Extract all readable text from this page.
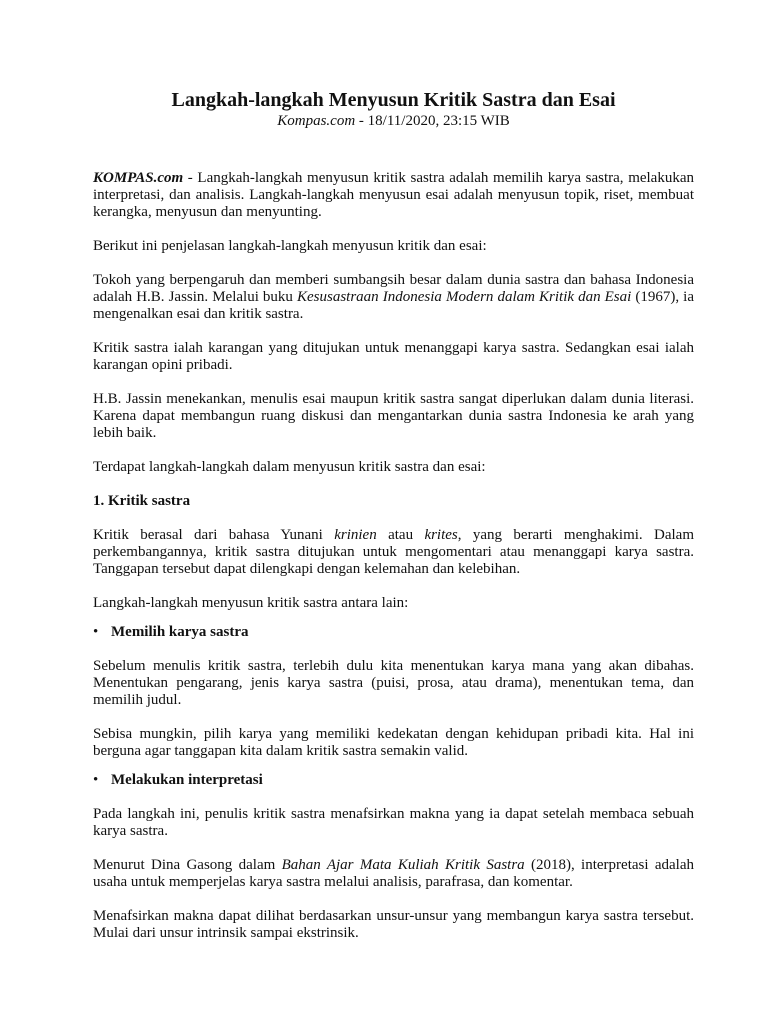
Langkah-langkah Menyusun Kritik Sastra dan Esai

Kompas.com - 18/11/2020, 23:15 WIB

KOMPAS.com - Langkah-langkah menyusun kritik sastra adalah memilih karya sastra, melakukan interpretasi, dan analisis. Langkah-langkah menyusun esai adalah menyusun topik, riset, membuat kerangka, menyusun dan menyunting.

Berikut ini penjelasan langkah-langkah menyusun kritik dan esai:

Tokoh yang berpengaruh dan memberi sumbangsih besar dalam dunia sastra dan bahasa Indonesia adalah H.B. Jassin. Melalui buku Kesusastraan Indonesia Modern dalam Kritik dan Esai (1967), ia mengenalkan esai dan kritik sastra.

Kritik sastra ialah karangan yang ditujukan untuk menanggapi karya sastra. Sedangkan esai ialah karangan opini pribadi.

H.B. Jassin menekankan, menulis esai maupun kritik sastra sangat diperlukan dalam dunia literasi. Karena dapat membangun ruang diskusi dan mengantarkan dunia sastra Indonesia ke arah yang lebih baik.

Terdapat langkah-langkah dalam menyusun kritik sastra dan esai:

1. Kritik sastra

Kritik berasal dari bahasa Yunani krinien atau krites, yang berarti menghakimi. Dalam perkembangannya, kritik sastra ditujukan untuk mengomentari atau menanggapi karya sastra. Tanggapan tersebut dapat dilengkapi dengan kelemahan dan kelebihan.

Langkah-langkah menyusun kritik sastra antara lain:

• Memilih karya sastra

Sebelum menulis kritik sastra, terlebih dulu kita menentukan karya mana yang akan dibahas. Menentukan pengarang, jenis karya sastra (puisi, prosa, atau drama), menentukan tema, dan memilih judul.

Sebisa mungkin, pilih karya yang memiliki kedekatan dengan kehidupan pribadi kita. Hal ini berguna agar tanggapan kita dalam kritik sastra semakin valid.

• Melakukan interpretasi

Pada langkah ini, penulis kritik sastra menafsirkan makna yang ia dapat setelah membaca sebuah karya sastra.

Menurut Dina Gasong dalam Bahan Ajar Mata Kuliah Kritik Sastra (2018), interpretasi adalah usaha untuk memperjelas karya sastra melalui analisis, parafrasa, dan komentar.

Menafsirkan makna dapat dilihat berdasarkan unsur-unsur yang membangun karya sastra tersebut. Mulai dari unsur intrinsik sampai ekstrinsik.
